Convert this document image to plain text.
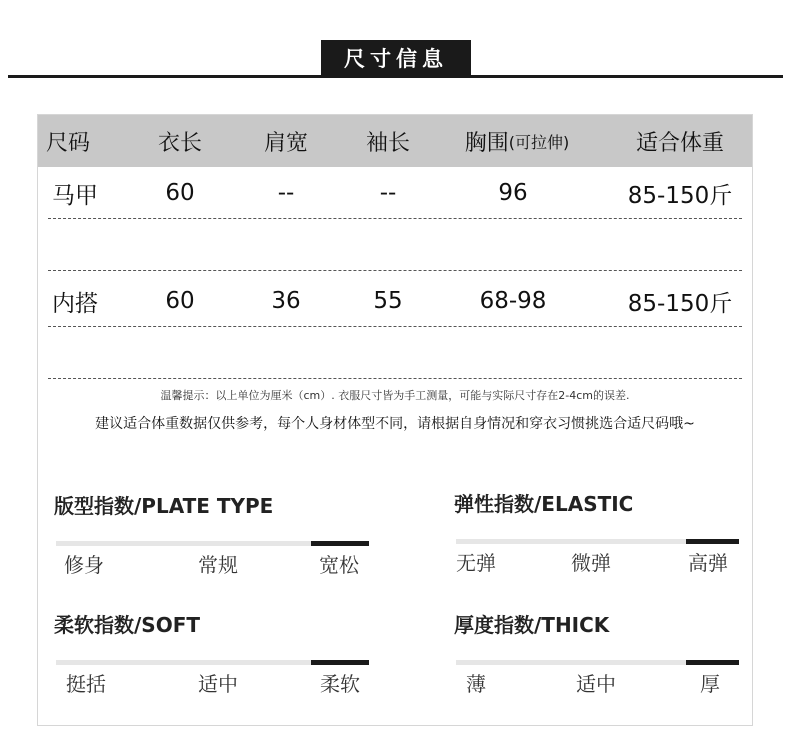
尺寸信息
尺码	衣长	肩宽	袖长	胸围 (可拉伸)	适合体重
马甲	60	--	--	96	85-150斤
内搭	60	36	55	68-98	85-150斤
温馨提示：以上单位为厘米（cm）. 衣服尺寸皆为手工测量，可能与实际尺寸存在2-4cm的误差.
建议适合体重数据仅供参考，每个人身材体型不同，请根据自身情况和穿衣习惯挑选合适尺码哦~
版型指数/PLATE TYPE
修身	常规	宽松
弹性指数/ELASTIC
无弹	微弹	高弹
柔软指数/SOFT
挺括	适中	柔软
厚度指数/THICK
薄	适中	厚
